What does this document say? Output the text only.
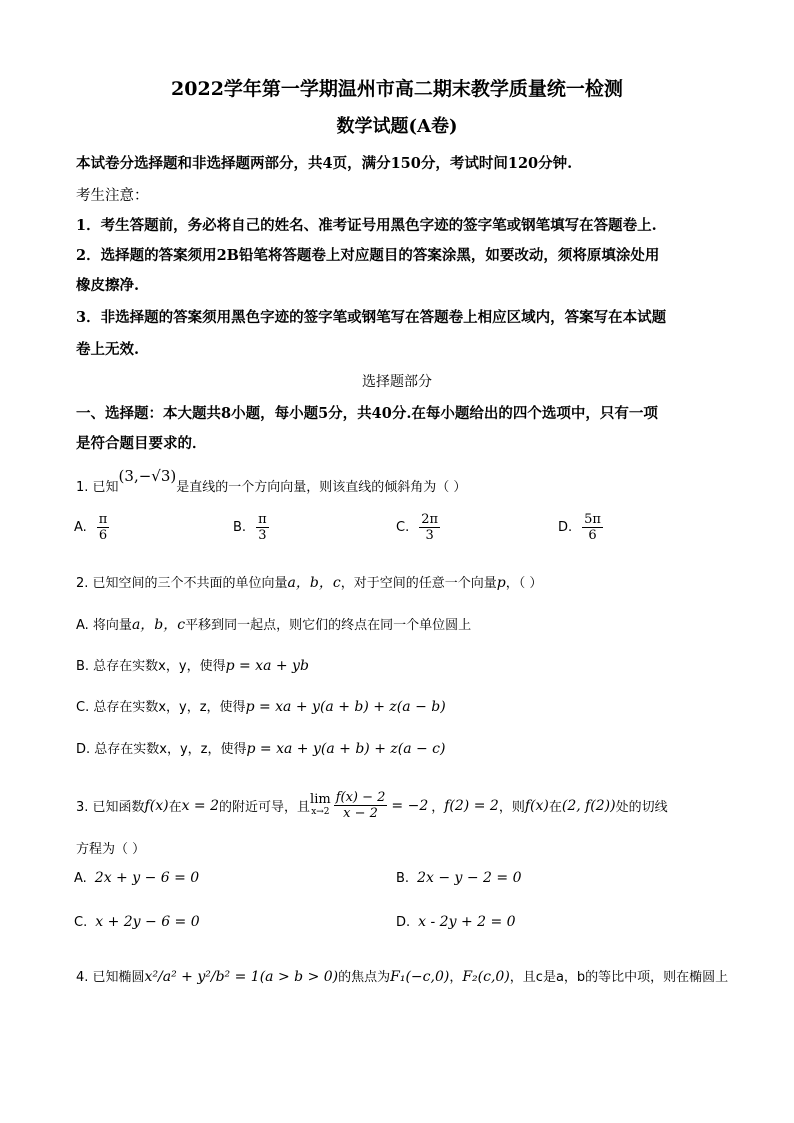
2022学年第一学期温州市高二期末教学质量统一检测
数学试题(A卷)
本试卷分选择题和非选择题两部分，共4页，满分150分，考试时间120分钟.
考生注意：
1．考生答题前，务必将自己的姓名、准考证号用黑色字迹的签字笔或钢笔填写在答题卷上.
2．选择题的答案须用2B铅笔将答题卷上对应题目的答案涂黑，如要改动，须将原填涂处用
橡皮擦净.
3．非选择题的答案须用黑色字迹的签字笔或钢笔写在答题卷上相应区域内，答案写在本试题
卷上无效.
选择题部分
一、选择题：本大题共8小题，每小题5分，共40分.在每小题给出的四个选项中，只有一项
是符合题目要求的．
1. 已知(3,−√3)是直线的一个方向向量，则该直线的倾斜角为（ ）
A. $\frac{\pi}{6}$	B. $\frac{\pi}{3}$	C. $\frac{2\pi}{3}$	D. $\frac{5\pi}{6}$
2. 已知空间的三个不共面的单位向量a，b，c，对于空间的任意一个向量p，（ ）
A. 将向量a，b，c平移到同一起点，则它们的终点在同一个单位圆上
B. 总存在实数x，y，使得p = xa + yb
C. 总存在实数x，y，z，使得p = xa + y(a + b) + z(a − b)
D. 总存在实数x，y，z，使得p = xa + y(a + b) + z(a − c)
3. 已知函数 f(x) 在 x = 2 的附近可导，且
lim
$x\to 2 \frac{f(x) - 2}{x - 2} = -2$ ， f(2) = 2 ，则 f(x) 在 (2, f(2)) 处的切线
方程为（ ）
A. 2x + y − 6 = 0	B. 2x − y − 2 = 0
C. x + 2y − 6 = 0	D. x - 2y + 2 = 0
4. 已知椭圆x²/a² + y²/b² = 1(a > b > 0)的焦点为F₁(−c,0)，F₂(c,0)，且c是a，b的等比中项，则在椭圆上
